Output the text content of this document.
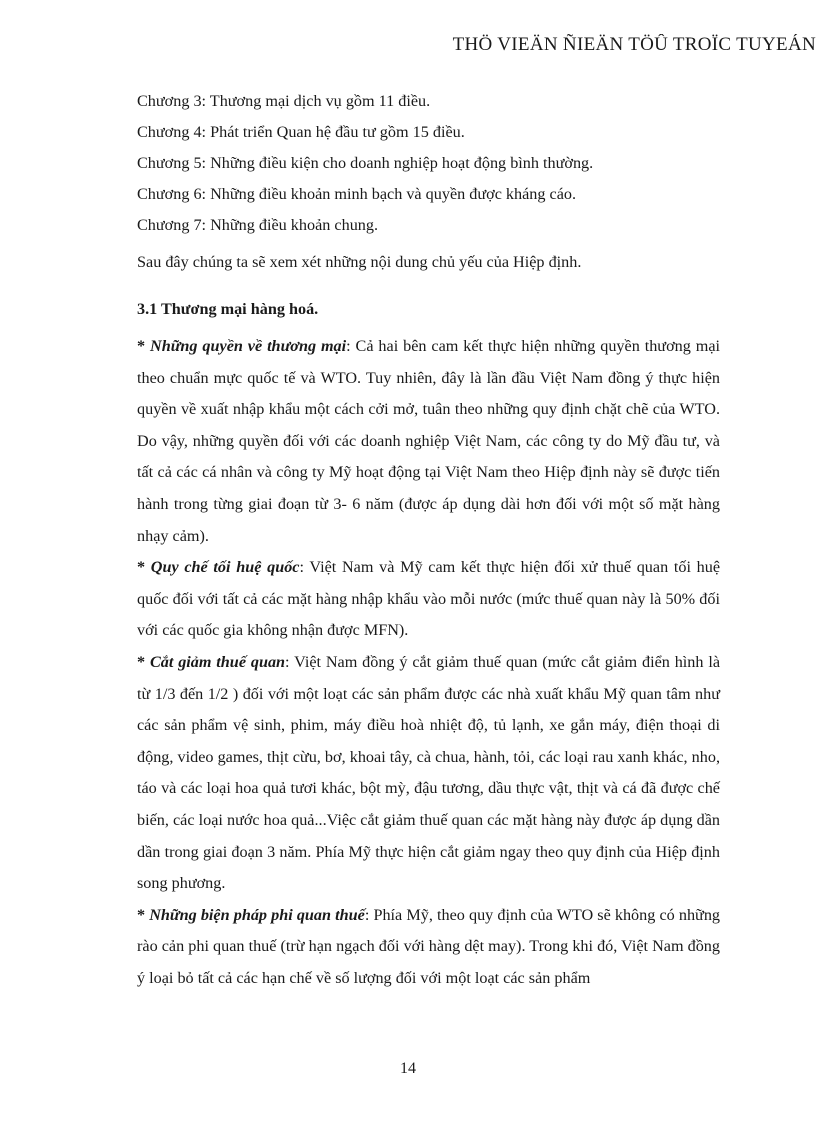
THÖ VIEÄN ÑIEÄN TÖÛ TROÏC TUYEÁN

Chương 3: Thương mại dịch vụ gồm 11 điều.

Chương 4: Phát triển Quan hệ đầu tư gồm 15 điều.

Chương 5: Những điều kiện cho doanh nghiệp hoạt động bình thường.

Chương 6: Những điều khoản minh bạch và quyền được kháng cáo.

Chương 7: Những điều khoản chung.

Sau đây chúng ta sẽ xem xét những nội dung chủ yếu của Hiệp định.

3.1 Thương mại hàng hoá.

* Những quyền về thương mại: Cả hai bên cam kết thực hiện những quyền thương mại theo chuẩn mực quốc tế và WTO. Tuy nhiên, đây là lần đầu Việt Nam đồng ý thực hiện quyền về xuất nhập khẩu một cách cởi mở, tuân theo những quy định chặt chẽ của WTO. Do vậy, những quyền đối với các doanh nghiệp Việt Nam, các công ty do Mỹ đầu tư, và tất cả các cá nhân và công ty Mỹ hoạt động tại Việt Nam theo Hiệp định này sẽ được tiến hành trong từng giai đoạn từ 3- 6 năm (được áp dụng dài hơn đối với một số mặt hàng nhạy cảm).

* Quy chế tối huệ quốc: Việt Nam và Mỹ cam kết thực hiện đối xử thuế quan tối huệ quốc đối với tất cả các mặt hàng nhập khẩu vào mỗi nước (mức thuế quan này là 50% đối với các quốc gia không nhận được MFN).

* Cắt giảm thuế quan: Việt Nam đồng ý cắt giảm thuế quan (mức cắt giảm điển hình là từ 1/3 đến 1/2 ) đối với một loạt các sản phẩm được các nhà xuất khẩu Mỹ quan tâm như các sản phẩm vệ sinh, phim, máy điều hoà nhiệt độ, tủ lạnh, xe gắn máy, điện thoại di động, video games, thịt cừu, bơ, khoai tây, cà chua, hành, tỏi, các loại rau xanh khác, nho, táo và các loại hoa quả tươi khác, bột mỳ, đậu tương, dầu thực vật, thịt và cá đã được chế biến, các loại nước hoa quả...Việc cắt giảm thuế quan các mặt hàng này được áp dụng dần dần trong giai đoạn 3 năm. Phía Mỹ thực hiện cắt giảm ngay theo quy định của Hiệp định song phương.

* Những biện pháp phi quan thuế: Phía Mỹ, theo quy định của WTO sẽ không có những rào cản phi quan thuế (trừ hạn ngạch đối với hàng dệt may). Trong khi đó, Việt Nam đồng ý loại bỏ tất cả các hạn chế về số lượng đối với một loạt các sản phẩm

14
